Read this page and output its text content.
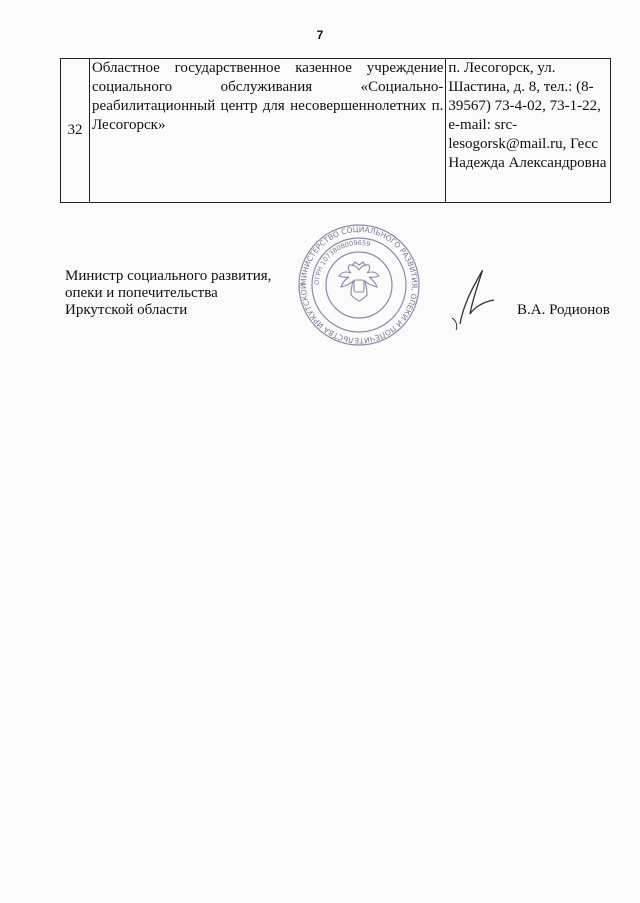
7
32	Областное государственное казенное учреждение социального обслуживания «Социально-реабилитационный центр для несовершеннолетних п. Лесогорск»	п. Лесогорск, ул. Шастина, д. 8, тел.: (8-39567) 73-4-02, 73-1-22, e-mail: src-lesogorsk@mail.ru, Гесс Надежда Александровна
Министр социального развития,
опеки и попечительства
Иркутской области
МИНИСТЕРСТВО СОЦИАЛЬНОГО РАЗВИТИЯ, ОПЕКИ И ПОПЕЧИТЕЛЬСТВА ИРКУТСКОЙ
ОГРН 1073808009659
В.А. Родионов
